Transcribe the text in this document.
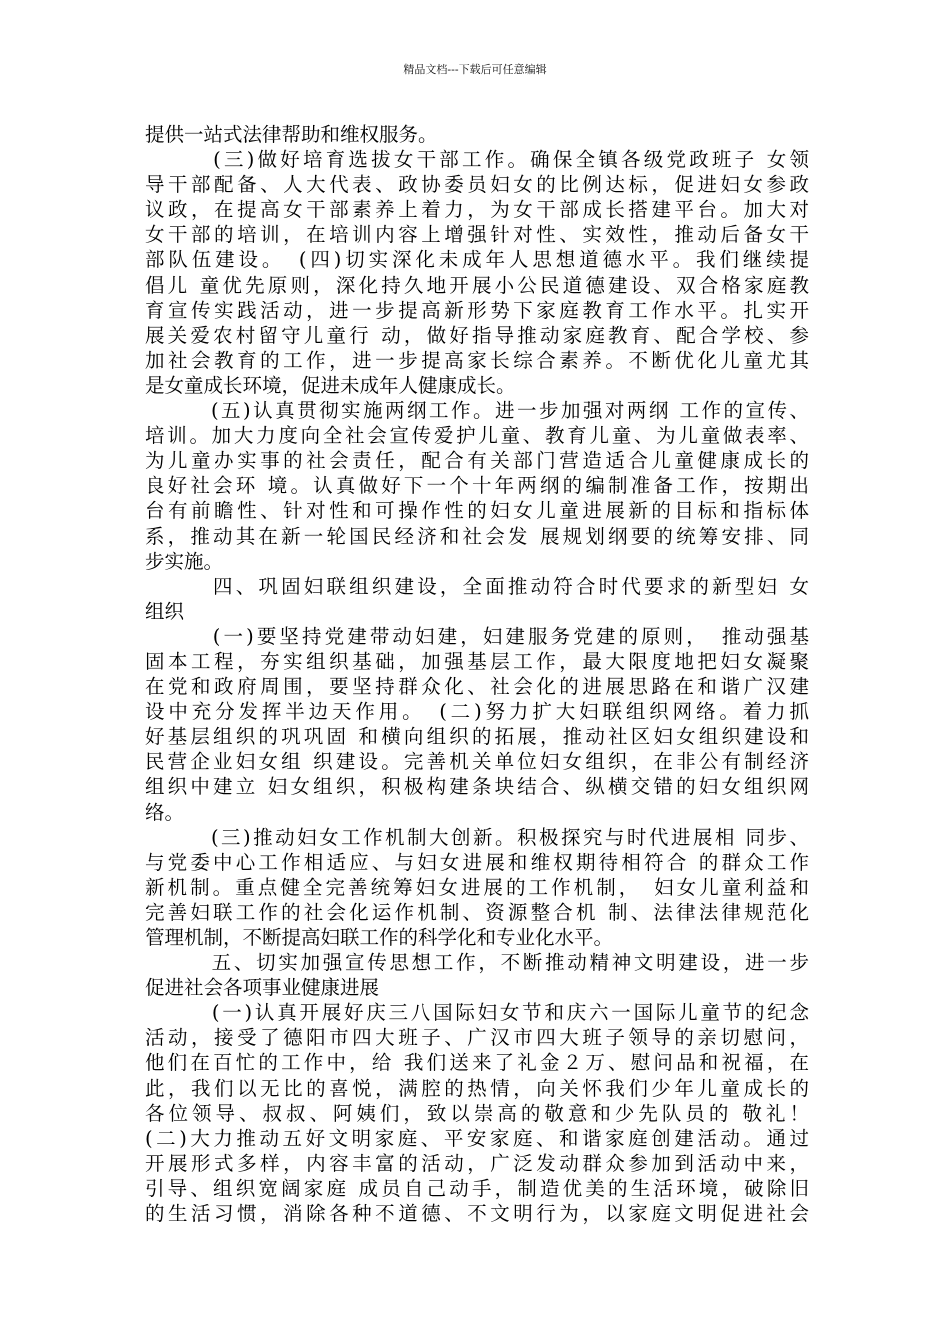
精品文档---下载后可任意编辑
提供一站式法律帮助和维权服务。
　　　(三)做好培育选拔女干部工作。确保全镇各级党政班子 女领
导干部配备、人大代表、政协委员妇女的比例达标，促进妇女参政
议政，在提高女干部素养上着力，为女干部成长搭建平台。加大对
女干部的培训，在培训内容上增强针对性、实效性，推动后备女干
部队伍建设。　(四)切实深化未成年人思想道德水平。我们继续提
倡儿 童优先原则，深化持久地开展小公民道德建设、双合格家庭教
育宣传实践活动，进一步提高新形势下家庭教育工作水平。扎实开
展关爱农村留守儿童行 动，做好指导推动家庭教育、配合学校、参
加社会教育的工作，进一步提高家长综合素养。不断优化儿童尤其
是女童成长环境，促进未成年人健康成长。
　　　(五)认真贯彻实施两纲工作。进一步加强对两纲 工作的宣传、
培训。加大力度向全社会宣传爱护儿童、教育儿童、为儿童做表率、
为儿童办实事的社会责任，配合有关部门营造适合儿童健康成长的
良好社会环 境。认真做好下一个十年两纲的编制准备工作，按期出
台有前瞻性、针对性和可操作性的妇女儿童进展新的目标和指标体
系，推动其在新一轮国民经济和社会发 展规划纲要的统筹安排、同
步实施。
　　　四、巩固妇联组织建设，全面推动符合时代要求的新型妇 女
组织
　　　(一)要坚持党建带动妇建，妇建服务党建的原则，　推动强基
固本工程，夯实组织基础，加强基层工作，最大限度地把妇女凝聚
在党和政府周围，要坚持群众化、社会化的进展思路在和谐广汉建
设中充分发挥半边天作用。　(二)努力扩大妇联组织网络。着力抓
好基层组织的巩巩固 和横向组织的拓展，推动社区妇女组织建设和
民营企业妇女组 织建设。完善机关单位妇女组织，在非公有制经济
组织中建立 妇女组织，积极构建条块结合、纵横交错的妇女组织网
络。
　　　(三)推动妇女工作机制大创新。积极探究与时代进展相 同步、
与党委中心工作相适应、与妇女进展和维权期待相符合 的群众工作
新机制。重点健全完善统筹妇女进展的工作机制，　妇女儿童利益和
完善妇联工作的社会化运作机制、资源整合机 制、法律法律规范化
管理机制，不断提高妇联工作的科学化和专业化水平。
　　　五、切实加强宣传思想工作，不断推动精神文明建设，进一步
促进社会各项事业健康进展
　　　(一)认真开展好庆三八国际妇女节和庆六一国际儿童节的纪念
活动，接受了德阳市四大班子、广汉市四大班子领导的亲切慰问，
他们在百忙的工作中，给 我们送来了礼金２万、慰问品和祝福，在
此，我们以无比的喜悦，满腔的热情，向关怀我们少年儿童成长的
各位领导、叔叔、阿姨们，致以崇高的敬意和少先队员的 敬礼！
(二)大力推动五好文明家庭、平安家庭、和谐家庭创建活动。通过
开展形式多样，内容丰富的活动，广泛发动群众参加到活动中来，
引导、组织宽阔家庭 成员自己动手，制造优美的生活环境，破除旧
的生活习惯，消除各种不道德、不文明行为，以家庭文明促进社会
